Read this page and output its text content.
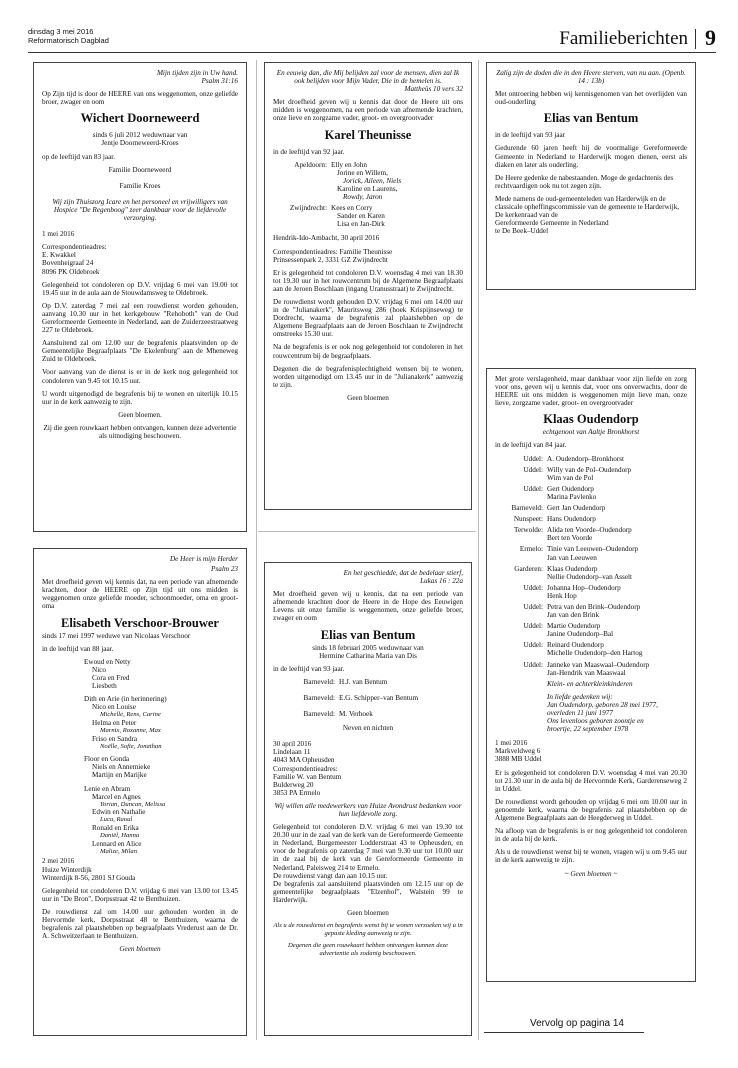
dinsdag 3 mei 2016
Reformatorisch Dagblad	Familieberichten 9

Mijn tijden zijn in Uw hand.

Psalm 31:16

Op Zijn tijd is door de HEERE van ons weggenomen, onze geliefde broer, zwager en oom

Wichert Doorneweerd

sinds 6 juli 2012 weduwnaar van

Jentje Doorneweerd-Kroes

op de leeftijd van 83 jaar.

Familie Doorneweerd

Familie Kroes

Wij zijn Thuiszorg Icare en het personeel en vrijwilligers van Hospice "De Regenboog" zeer dankbaar voor de liefdevolle verzorging.

1 mei 2016

Correspondentieadres:
E. Kwakkel
Bovenheigraaf 24

8096 PK Oldebroek

Gelegenheid tot condoleren op D.V. vrijdag 6 mei van 19.00 tot 19.45 uur in de aula aan de Stouwdamsweg te Oldebroek.

Op D.V. zaterdag 7 mei zal een rouwdienst worden gehouden, aanvang 10.30 uur in het kerkgebouw "Rehoboth" van de Oud Gereformeerde Gemeente in Nederland, aan de Zuiderzeestraatweg 227 te Oldebroek.

Aansluitend zal om 12.00 uur de begrafenis plaatsvinden op de Gemeentelijke Begraafplaats "De Ekelenburg" aan de Mheneweg Zuid te Oldebroek.

Voor aanvang van de dienst is er in de kerk nog gelegenheid tot condoleren van 9.45 tot 10.15 uur.

U wordt uitgenodigd de begrafenis bij te wonen en uiterlijk 10.15 uur in de kerk aanwezig te zijn.

Geen bloemen.

Zij die geen rouwkaart hebben ontvangen, kunnen deze advertentie als uitnodiging beschouwen.

En eeuwig dan, die Mij belijden zal voor de mensen, dien zal Ik ook belijden voor Mijn Vader, Die in de hemelen is.

Mattheüs 10 vers 32

Met droefheid geven wij u kennis dat door de Heere uit ons midden is weggenomen, na een periode van afnemende krachten, onze lieve en zorgzame vader, groot- en overgrootvader

Karel Theunisse

in de leeftijd van 92 jaar.

Apeldoorn: Elly en John
Jorine en Willem,
Jorick, Aileen, Niels
Karoline en Laurens,
Rowdy, Jaron
Zwijndrecht: Kees en Corry
Sander en Karen
Lisa en Jan-Dirk

Hendrik-Ido-Ambacht, 30 april 2016

Correspondentieadres: Familie Theunisse

Prinsessenpark 2, 3331 GZ Zwijndrecht

Er is gelegenheid tot condoleren D.V. woensdag 4 mei van 18.30 tot 19.30 uur in het rouwcentrum bij de Algemene Begraafplaats aan de Jeroen Boschlaan (ingang Uranusstraat) te Zwijndrecht.

De rouwdienst wordt gehouden D.V. vrijdag 6 mei om 14.00 uur in de "Julianakerk", Mauritsweg 286 (hoek Krispijnseweg) te Dordrecht, waarna de begrafenis zal plaatshebben op de Algemene Begraafplaats aan de Jeroen Boschlaan te Zwijndrecht omstreeks 15.30 uur.

Na de begrafenis is er ook nog gelegenheid tot condoleren in het rouwcentrum bij de begraafplaats.

Degenen die de begrafenisplechtigheid wensen bij te wonen, worden uitgenodigd om 13.45 uur in de "Julianakerk" aanwezig te zijn.

Geen bloemen

Zalig zijn de doden die in den Heere sterven, van nu aan. (Openb. 14 : 13b)

Met ontroering hebben wij kennisgenomen van het overlijden van oud-ouderling

Elias van Bentum

in de leeftijd van 93 jaar

Gedurende 60 jaren heeft hij de voormalige Gereformeerde Gemeente in Nederland te Harderwijk mogen dienen, eerst als diaken en later als ouderling.

De Heere gedenke de nabestaanden. Moge de gedachtenis des rechtvaardigen ook nu tot zegen zijn.

Mede namens de oud-gemeenteleden van Harderwijk en de classicale opheffingscommissie van de gemeente te Harderwijk,
De kerkenraad van de
Gereformeerde Gemeente in Nederland
te De Beek–Uddel

Met grote verslagenheid, maar dankbaar voor zijn liefde en zorg voor ons, geven wij u kennis dat, voor ons onverwachts, door de HEERE uit ons midden is weggenomen mijn lieve man, onze lieve, zorgzame vader, groot- en overgrootvader

Klaas Oudendorp

echtgenoot van Aaltje Bronkhorst

in de leeftijd van 84 jaar.

Uddel: A. Oudendorp–Bronkhorst
Uddel: Willy van de Pol–Oudendorp
Wim van de Pol
Uddel: Gert Oudendorp
Marina Pavlenko
Barneveld: Gert Jan Oudendorp
Nunspeet: Hans Oudendorp
Terwolde: Alida ten Voorde–Oudendorp
Bert ten Voorde
Ermelo: Tinie van Leeuwen–Oudendorp
Jan van Leeuwen
Garderen: Klaas Oudendorp
Nellie Oudendorp–van Asselt
Uddel: Johanna Hop–Oudendorp
Henk Hop
Uddel: Petra van den Brink–Oudendorp
Jan van den Brink
Uddel: Martie Oudendorp
Janine Oudendorp–Bal
Uddel: Reinard Oudendorp
Michelle Oudendorp–den Hartog
Uddel: Janneke van Maaswaal–Oudendorp
Jan-Hendrik van Maaswaal

Klein- en achterkleinkinderen

In liefde gedenken wij:
Jan Oudendorp, geboren 28 mei 1977,
overleden 11 juni 1977
Ons levenloos geboren zoontje en
broertje, 22 september 1978
1 mei 2016
Markveldweg 6

3888 MB Uddel

Er is gelegenheid tot condoleren D.V. woensdag 4 mei van 20.30 tot 21.30 uur in de aula bij de Hervormde Kerk, Garderenseweg 2 in Uddel.

De rouwdienst wordt gehouden op vrijdag 6 mei om 10.00 uur in genoemde kerk, waarna de begrafenis zal plaatshebben op de Algemene Begraafplaats aan de Heegderweg in Uddel.

Na afloop van de begrafenis is er nog gelegenheid tot condoleren in de aula bij de kerk.

Als u de rouwdienst wenst bij te wonen, vragen wij u om 9.45 uur in de kerk aanwezig te zijn.

~ Geen bloemen ~

De Heer is mijn Herder

Psalm 23

Met droefheid geven wij kennis dat, na een periode van afnemende krachten, door de HEERE op Zijn tijd uit ons midden is weggenomen onze geliefde moeder, schoonmoeder, oma en groot-oma

Elisabeth Verschoor-Brouwer

sinds 17 mei 1997 weduwe van Nicolaas Verschoor

in de leeftijd van 88 jaar.

Ewoud en Netty
Nico
Cora en Fred
Liesbeth
Dith en Arie (in herinnering)
Nico en Louise
Michelle, Rens, Carine
Helma en Peter
Marnix, Roxanne, Max
Friso en Sandra
Noëlle, Sofie, Jonathan
Floor en Gonda
Niels en Annemieke
Martijn en Marijke
Lenie en Abram
Marcel en Agnes
Yorian, Duncan, Melissa
Edwin en Nathalie
Luca, Raoul
Ronald en Erika
Daniël, Hanna
Lennard en Alice
Malize, Milan
2 mei 2016
Huize Winterdijk

Winterdijk 8-56, 2801 SJ Gouda

Gelegenheid tot condoleren D.V. vrijdag 6 mei van 13.00 tot 13.45 uur in "De Bron", Dorpsstraat 42 te Benthuizen.

De rouwdienst zal om 14.00 uur gehouden worden in de Hervormde kerk, Dorpsstraat 48 te Benthuizen, waarna de begrafenis zal plaatshebben op begraafplaats Vrederust aan de Dr. A. Schweitzerlaan te Benthuizen.

Geen bloemen

En het geschiedde, dat de bedelaar stierf,

Lukas 16 : 22a

Met droefheid geven wij u kennis, dat na een periode van afnemende krachten door de Heere in de Hope des Eeuwigen Levens uit onze familie is weggenomen, onze geliefde broer, zwager en oom

Elias van Bentum

sinds 18 februari 2005 weduwnaar van

Hermine Catharina Maria van Dis

in de leeftijd van 93 jaar.

Barneveld: H.J. van Bentum
Barneveld: E.G. Schipper–van Bentum
Barneveld: M. Verhoek

Neven en nichten

30 april 2016
Lindelaan 11
4043 MA Opheusden
Correspondentieadres:
Familie W. van Bentum
Bulderweg 20

3853 PA Ermelo

Wij willen alle medewerkers van Huize Avondrust bedanken voor hun liefdevolle zorg.

Gelegenheid tot condoleren D.V. vrijdag 6 mei van 19.30 tot 20.30 uur in de zaal van de kerk van de Gereformeerde Gemeente in Nederland, Burgemeester Lodderstraat 43 te Opheusden, en voor de begrafenis op zaterdag 7 mei van 9.30 uur tot 10.00 uur in de zaal bij de kerk van de Gereformeerde Gemeente in Nederland, Paleisweg 214 te Ermelo.

De rouwdienst vangt dan aan 10.15 uur.

De begrafenis zal aansluitend plaatsvinden om 12.15 uur op de gemeentelijke begraafplaats "Elzenhof", Walstein 99 te Harderwijk.

Geen bloemen

Als u de rouwdienst en begrafenis wenst bij te wonen verzoeken wij u in gepaste kleding aanwezig te zijn.

Degenen die geen rouwkaart hebben ontvangen kunnen deze advertentie als zodanig beschouwen.

Vervolg op pagina 14
